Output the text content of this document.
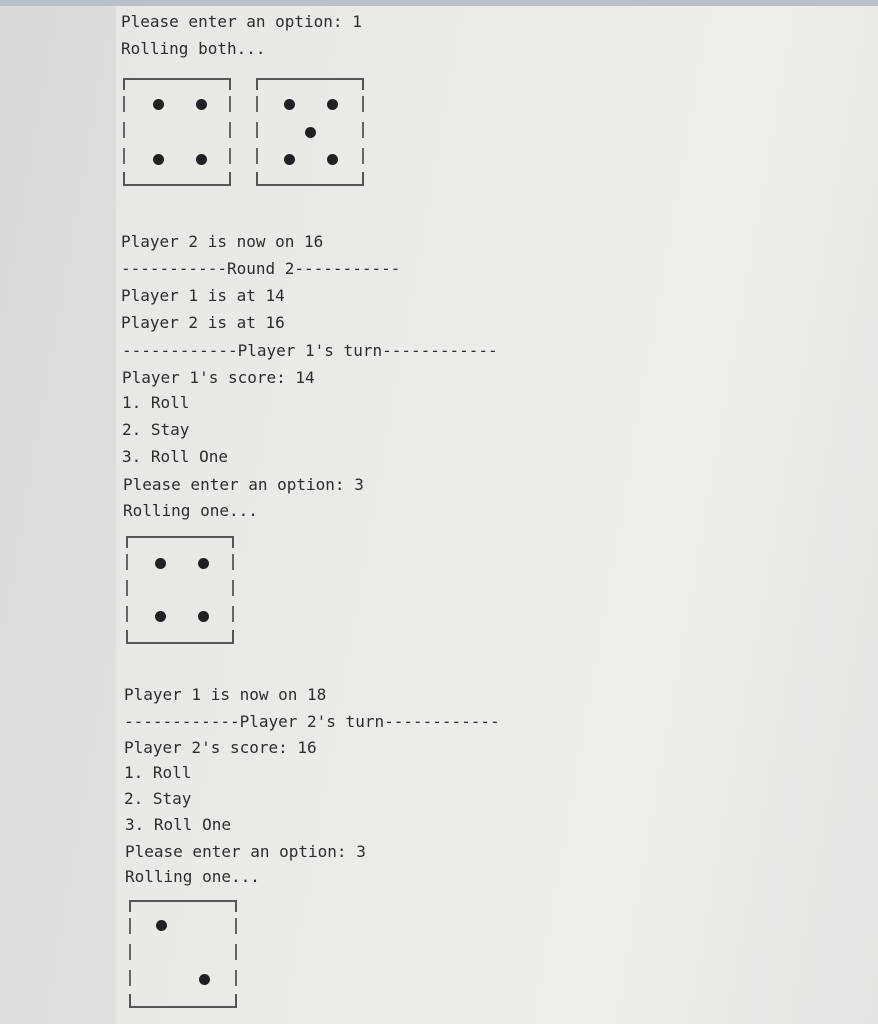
Please enter an option: 1
Rolling both...
Player 2 is now on 16
-----------Round 2-----------
Player 1 is at 14
Player 2 is at 16
------------Player 1's turn------------
Player 1's score: 14
1. Roll
2. Stay
3. Roll One
Please enter an option: 3
Rolling one...
Player 1 is now on 18
------------Player 2's turn------------
Player 2's score: 16
1. Roll
2. Stay
3. Roll One
Please enter an option: 3
Rolling one...
